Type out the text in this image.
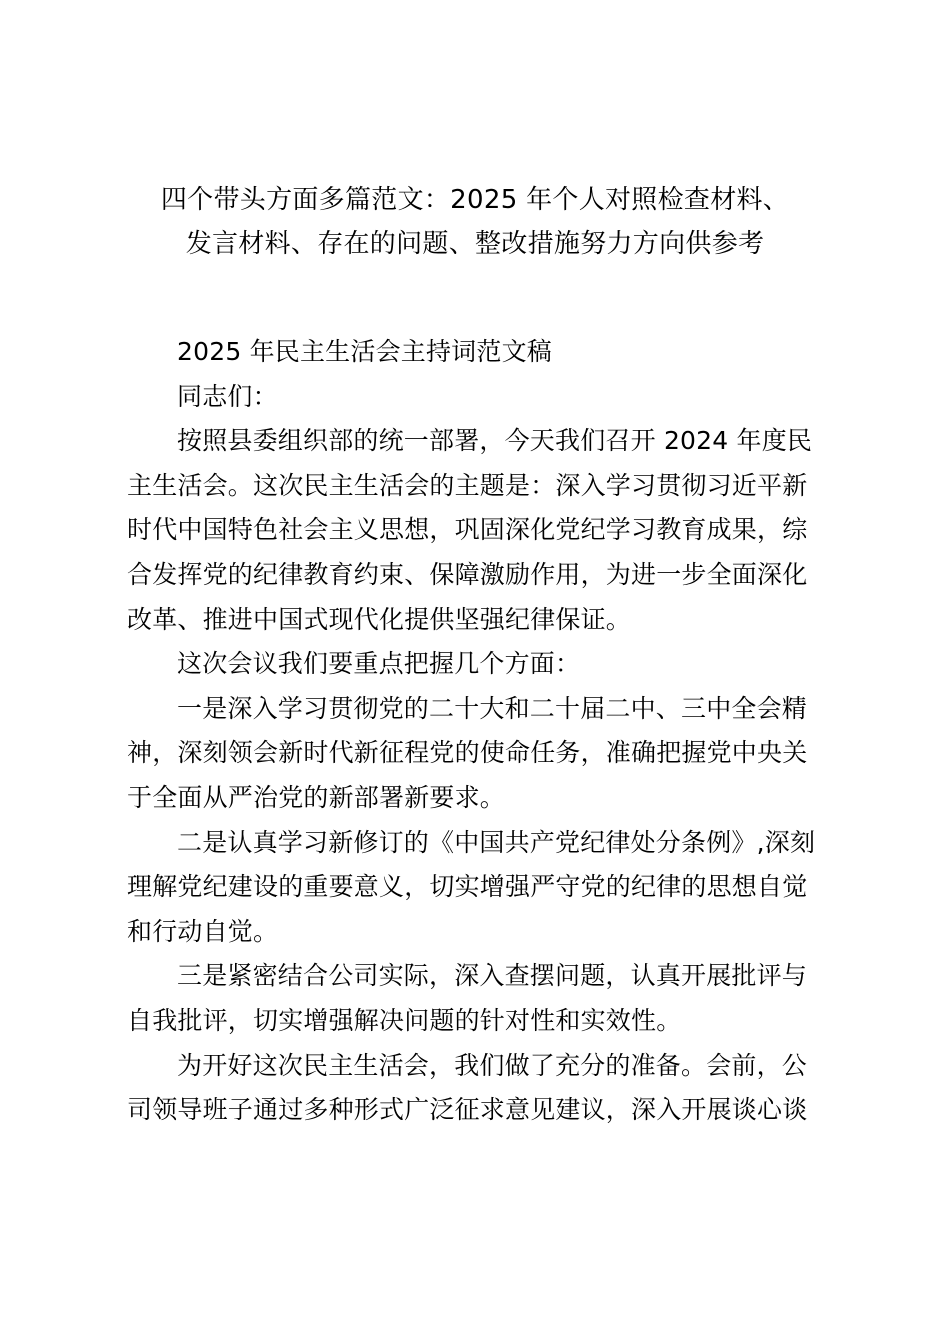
四个带头方面多篇范文：2025 年个人对照检查材料、
发言材料、存在的问题、整改措施努力方向供参考

2025 年民主生活会主持词范文稿

同志们：

按照县委组织部的统一部署，今天我们召开 2024 年度民
主生活会。这次民主生活会的主题是：深入学习贯彻习近平新
时代中国特色社会主义思想，巩固深化党纪学习教育成果，综
合发挥党的纪律教育约束、保障激励作用，为进一步全面深化
改革、推进中国式现代化提供坚强纪律保证。

这次会议我们要重点把握几个方面：

一是深入学习贯彻党的二十大和二十届二中、三中全会精
神，深刻领会新时代新征程党的使命任务，准确把握党中央关
于全面从严治党的新部署新要求。

二是认真学习新修订的《中国共产党纪律处分条例》,深刻
理解党纪建设的重要意义，切实增强严守党的纪律的思想自觉
和行动自觉。

三是紧密结合公司实际，深入查摆问题，认真开展批评与
自我批评，切实增强解决问题的针对性和实效性。

为开好这次民主生活会，我们做了充分的准备。会前，公
司领导班子通过多种形式广泛征求意见建议，深入开展谈心谈
